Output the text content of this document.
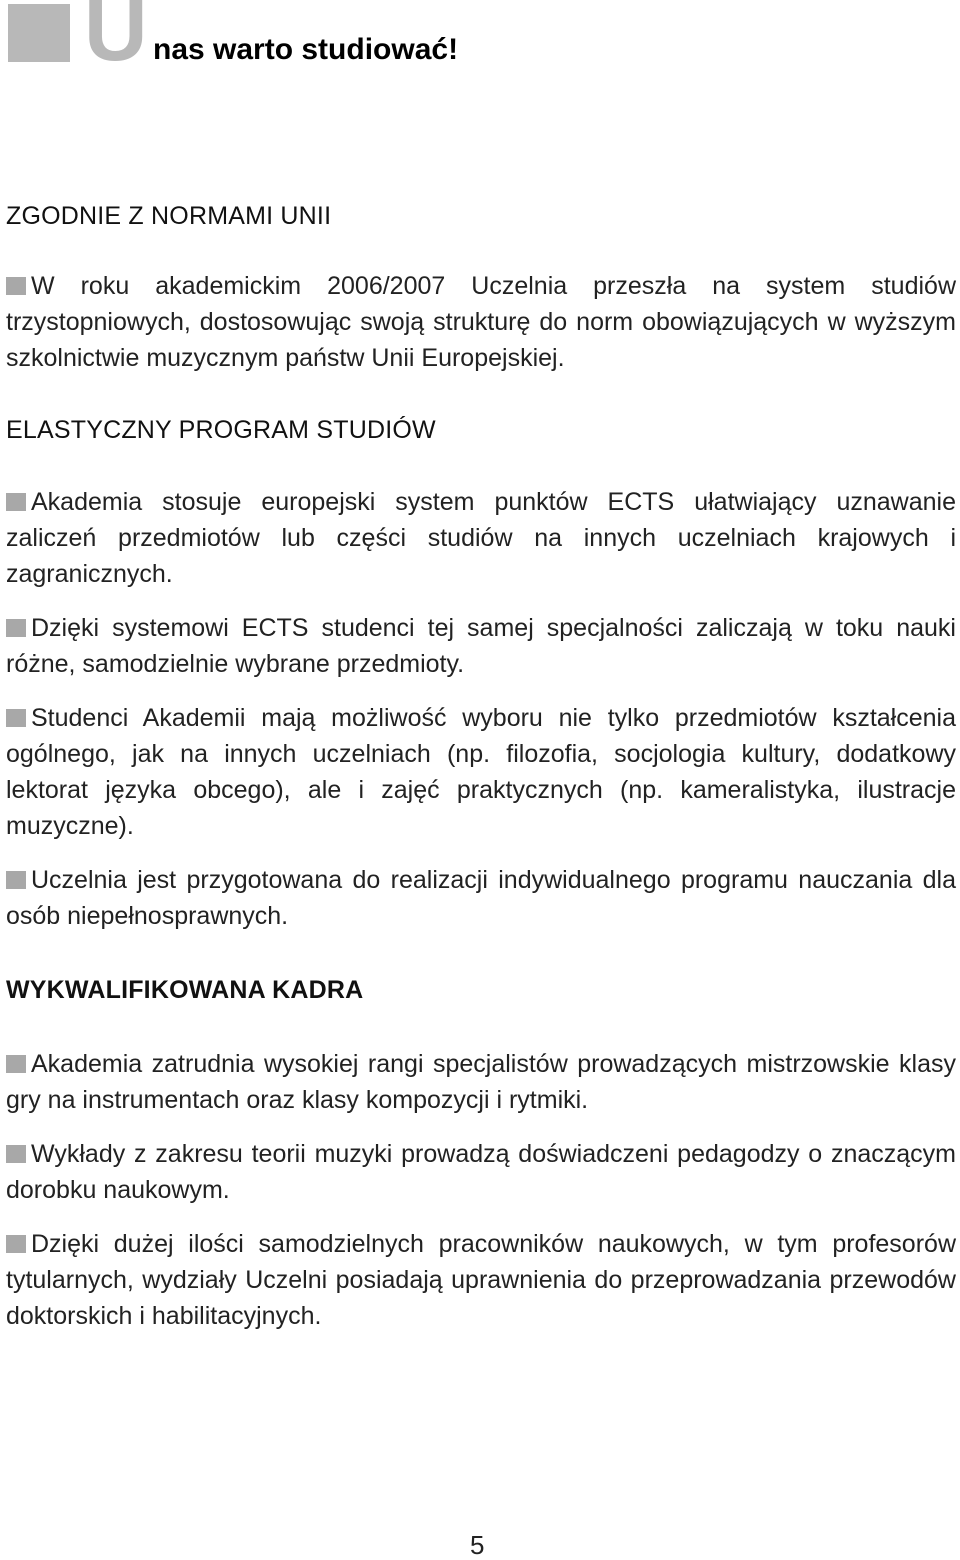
U nas warto studiować!
ZGODNIE Z NORMAMI UNII

W roku akademickim 2006/2007 Uczelnia przeszła na system studiów trzystopniowych, dostosowując swoją strukturę do norm obowiązujących w wyższym szkolnictwie muzycznym państw Unii Europejskiej.

ELASTYCZNY PROGRAM STUDIÓW

Akademia stosuje europejski system punktów ECTS ułatwiający uznawanie zaliczeń przedmiotów lub części studiów na innych uczelniach krajowych i zagranicznych.

Dzięki systemowi ECTS studenci tej samej specjalności zaliczają w toku nauki różne, samodzielnie wybrane przedmioty.

Studenci Akademii mają możliwość wyboru nie tylko przedmiotów kształcenia ogólnego, jak na innych uczelniach (np. filozofia, socjologia kultury, dodatkowy lektorat języka obcego), ale i zajęć praktycznych (np. kameralistyka, ilustracje muzyczne).

Uczelnia jest przygotowana do realizacji indywidualnego programu nauczania dla osób niepełnosprawnych.

WYKWALIFIKOWANA KADRA

Akademia zatrudnia wysokiej rangi specjalistów prowadzących mistrzowskie klasy gry na instrumentach oraz klasy kompozycji i rytmiki.

Wykłady z zakresu teorii muzyki prowadzą doświadczeni pedagodzy o znaczącym dorobku naukowym.

Dzięki dużej ilości samodzielnych pracowników naukowych, w tym profesorów tytularnych, wydziały Uczelni posiadają uprawnienia do przeprowadzania przewodów doktorskich i habilitacyjnych.

5
